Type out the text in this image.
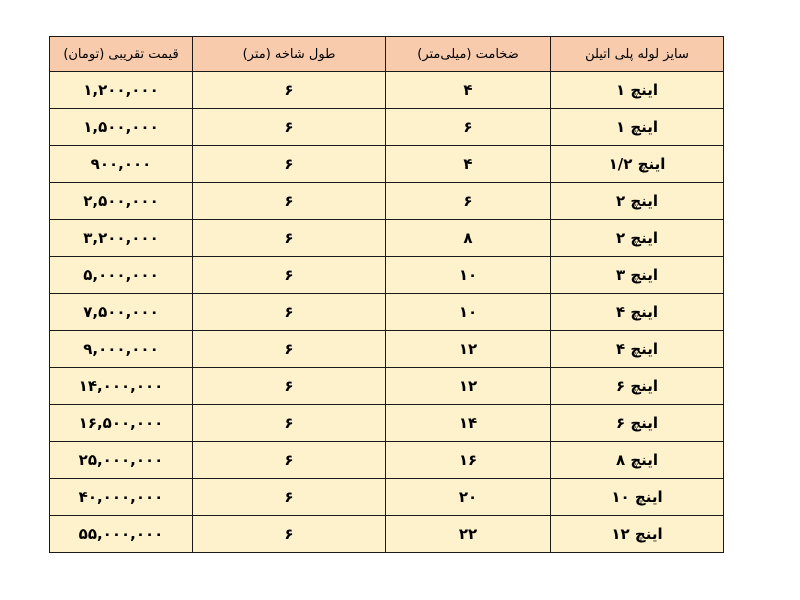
قیمت تقریبی (تومان)	طول شاخه (متر)	ضخامت (میلی‌متر)	سایز لوله پلی اتیلن
۱,۲۰۰,۰۰۰	۶	۴	اینچ ۱
۱,۵۰۰,۰۰۰	۶	۶	اینچ ۱
۹۰۰,۰۰۰	۶	۴	اینچ ۱/۲
۲,۵۰۰,۰۰۰	۶	۶	اینچ ۲
۳,۲۰۰,۰۰۰	۶	۸	اینچ ۲
۵,۰۰۰,۰۰۰	۶	۱۰	اینچ ۳
۷,۵۰۰,۰۰۰	۶	۱۰	اینچ ۴
۹,۰۰۰,۰۰۰	۶	۱۲	اینچ ۴
۱۴,۰۰۰,۰۰۰	۶	۱۲	اینچ ۶
۱۶,۵۰۰,۰۰۰	۶	۱۴	اینچ ۶
۲۵,۰۰۰,۰۰۰	۶	۱۶	اینچ ۸
۴۰,۰۰۰,۰۰۰	۶	۲۰	اینچ ۱۰
۵۵,۰۰۰,۰۰۰	۶	۲۲	اینچ ۱۲
